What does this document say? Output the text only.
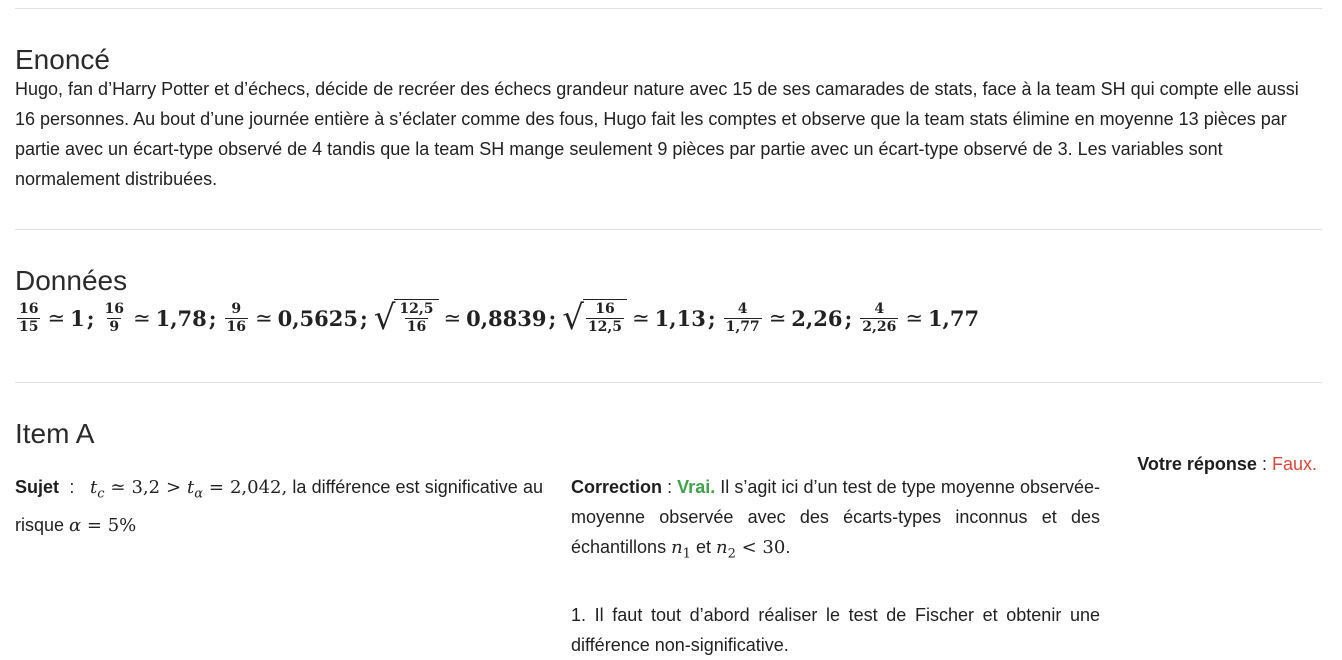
Enoncé

Hugo, fan d’Harry Potter et d’échecs, décide de recréer des échecs grandeur nature avec 15 de ses camarades de stats, face à la team SH qui compte elle aussi 16 personnes. Au bout d’une journée entière à s’éclater comme des fous, Hugo fait les comptes et observe que la team stats élimine en moyenne 13 pièces par partie avec un écart-type observé de 4 tandis que la team SH mange seulement 9 pièces par partie avec un écart-type observé de 3. Les variables sont normalement distribuées.

Données
$\frac{16}{15}$ ≃ 1 ; $\frac{16}{9}$ ≃ 1,78 ; $\frac{9}{16}$ ≃ 0,5625 ; √ $\frac{12,5}{16}$ ≃ 0,8839 ; √ $\frac{16}{12,5}$ ≃ 1,13 ; $\frac{4}{1,77}$ ≃ 2,26 ; $\frac{4}{2,26}$ ≃ 1,77
Item A
Votre réponse : Faux.
Sujet  :   $t_c$ ≃ $3,2 > t_\alpha = 2,042$, la différence est significative au risque α = 5%
Correction : Vrai. Il s’agit ici d’un test de type moyenne observée-moyenne observée avec des écarts-types inconnus et des échantillons $n_1$ et $n_2 < 30$.

1. Il faut tout d’abord réaliser le test de Fischer et obtenir une différence non-significative.
